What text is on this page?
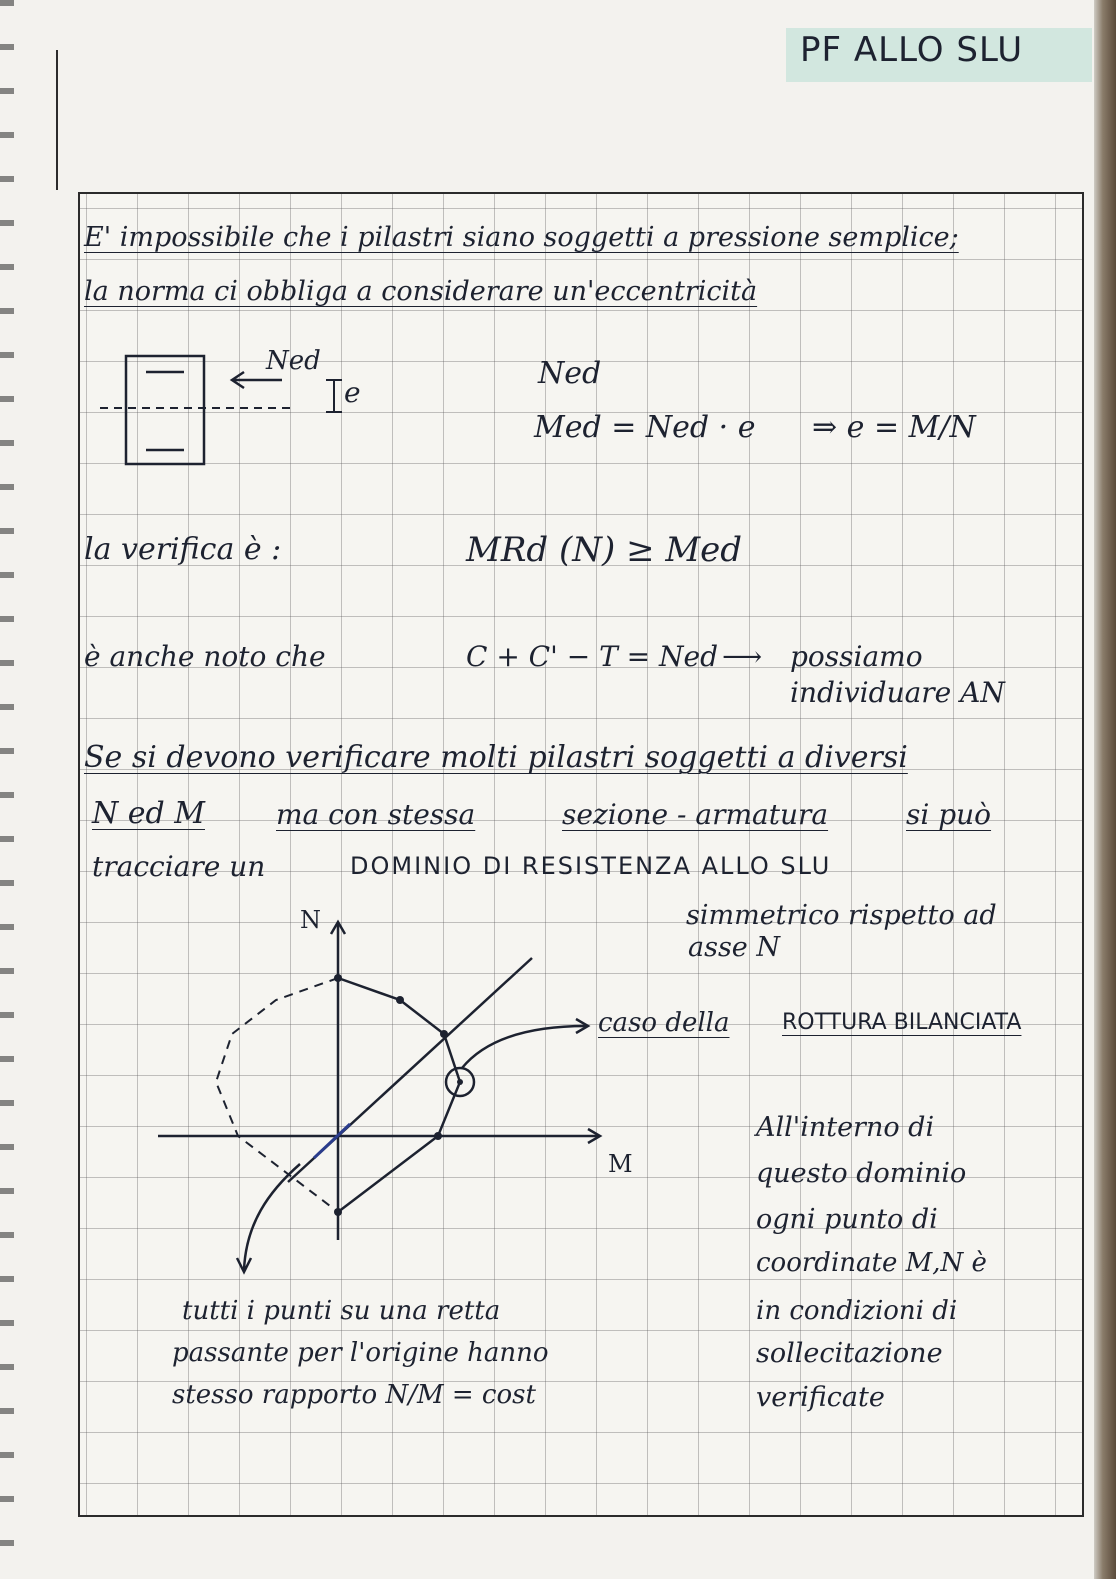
PF ALLO SLU
E' impossibile che i pilastri siano soggetti a pressione semplice;
la norma ci obbliga a considerare un'eccentricità
Ned
e
Ned
Med = Ned · e ⇒ e = M/N
la verifica è :	MRd (N) ≥ Med
è anche noto che	C + C' − T = Ned ⟶ possiamo
individuare AN
Se si devono verificare molti pilastri soggetti a diversi
N ed M	ma con stessa	sezione - armatura	si può
tracciare un	DOMINIO DI RESISTENZA ALLO SLU
simmetrico rispetto ad
asse N
N
M
caso della ROTTURA BILANCIATA
All'interno di
questo dominio
ogni punto di
coordinate M,N è
in condizioni di
sollecitazione
verificate
tutti i punti su una retta
passante per l'origine hanno
stesso rapporto N/M = cost
